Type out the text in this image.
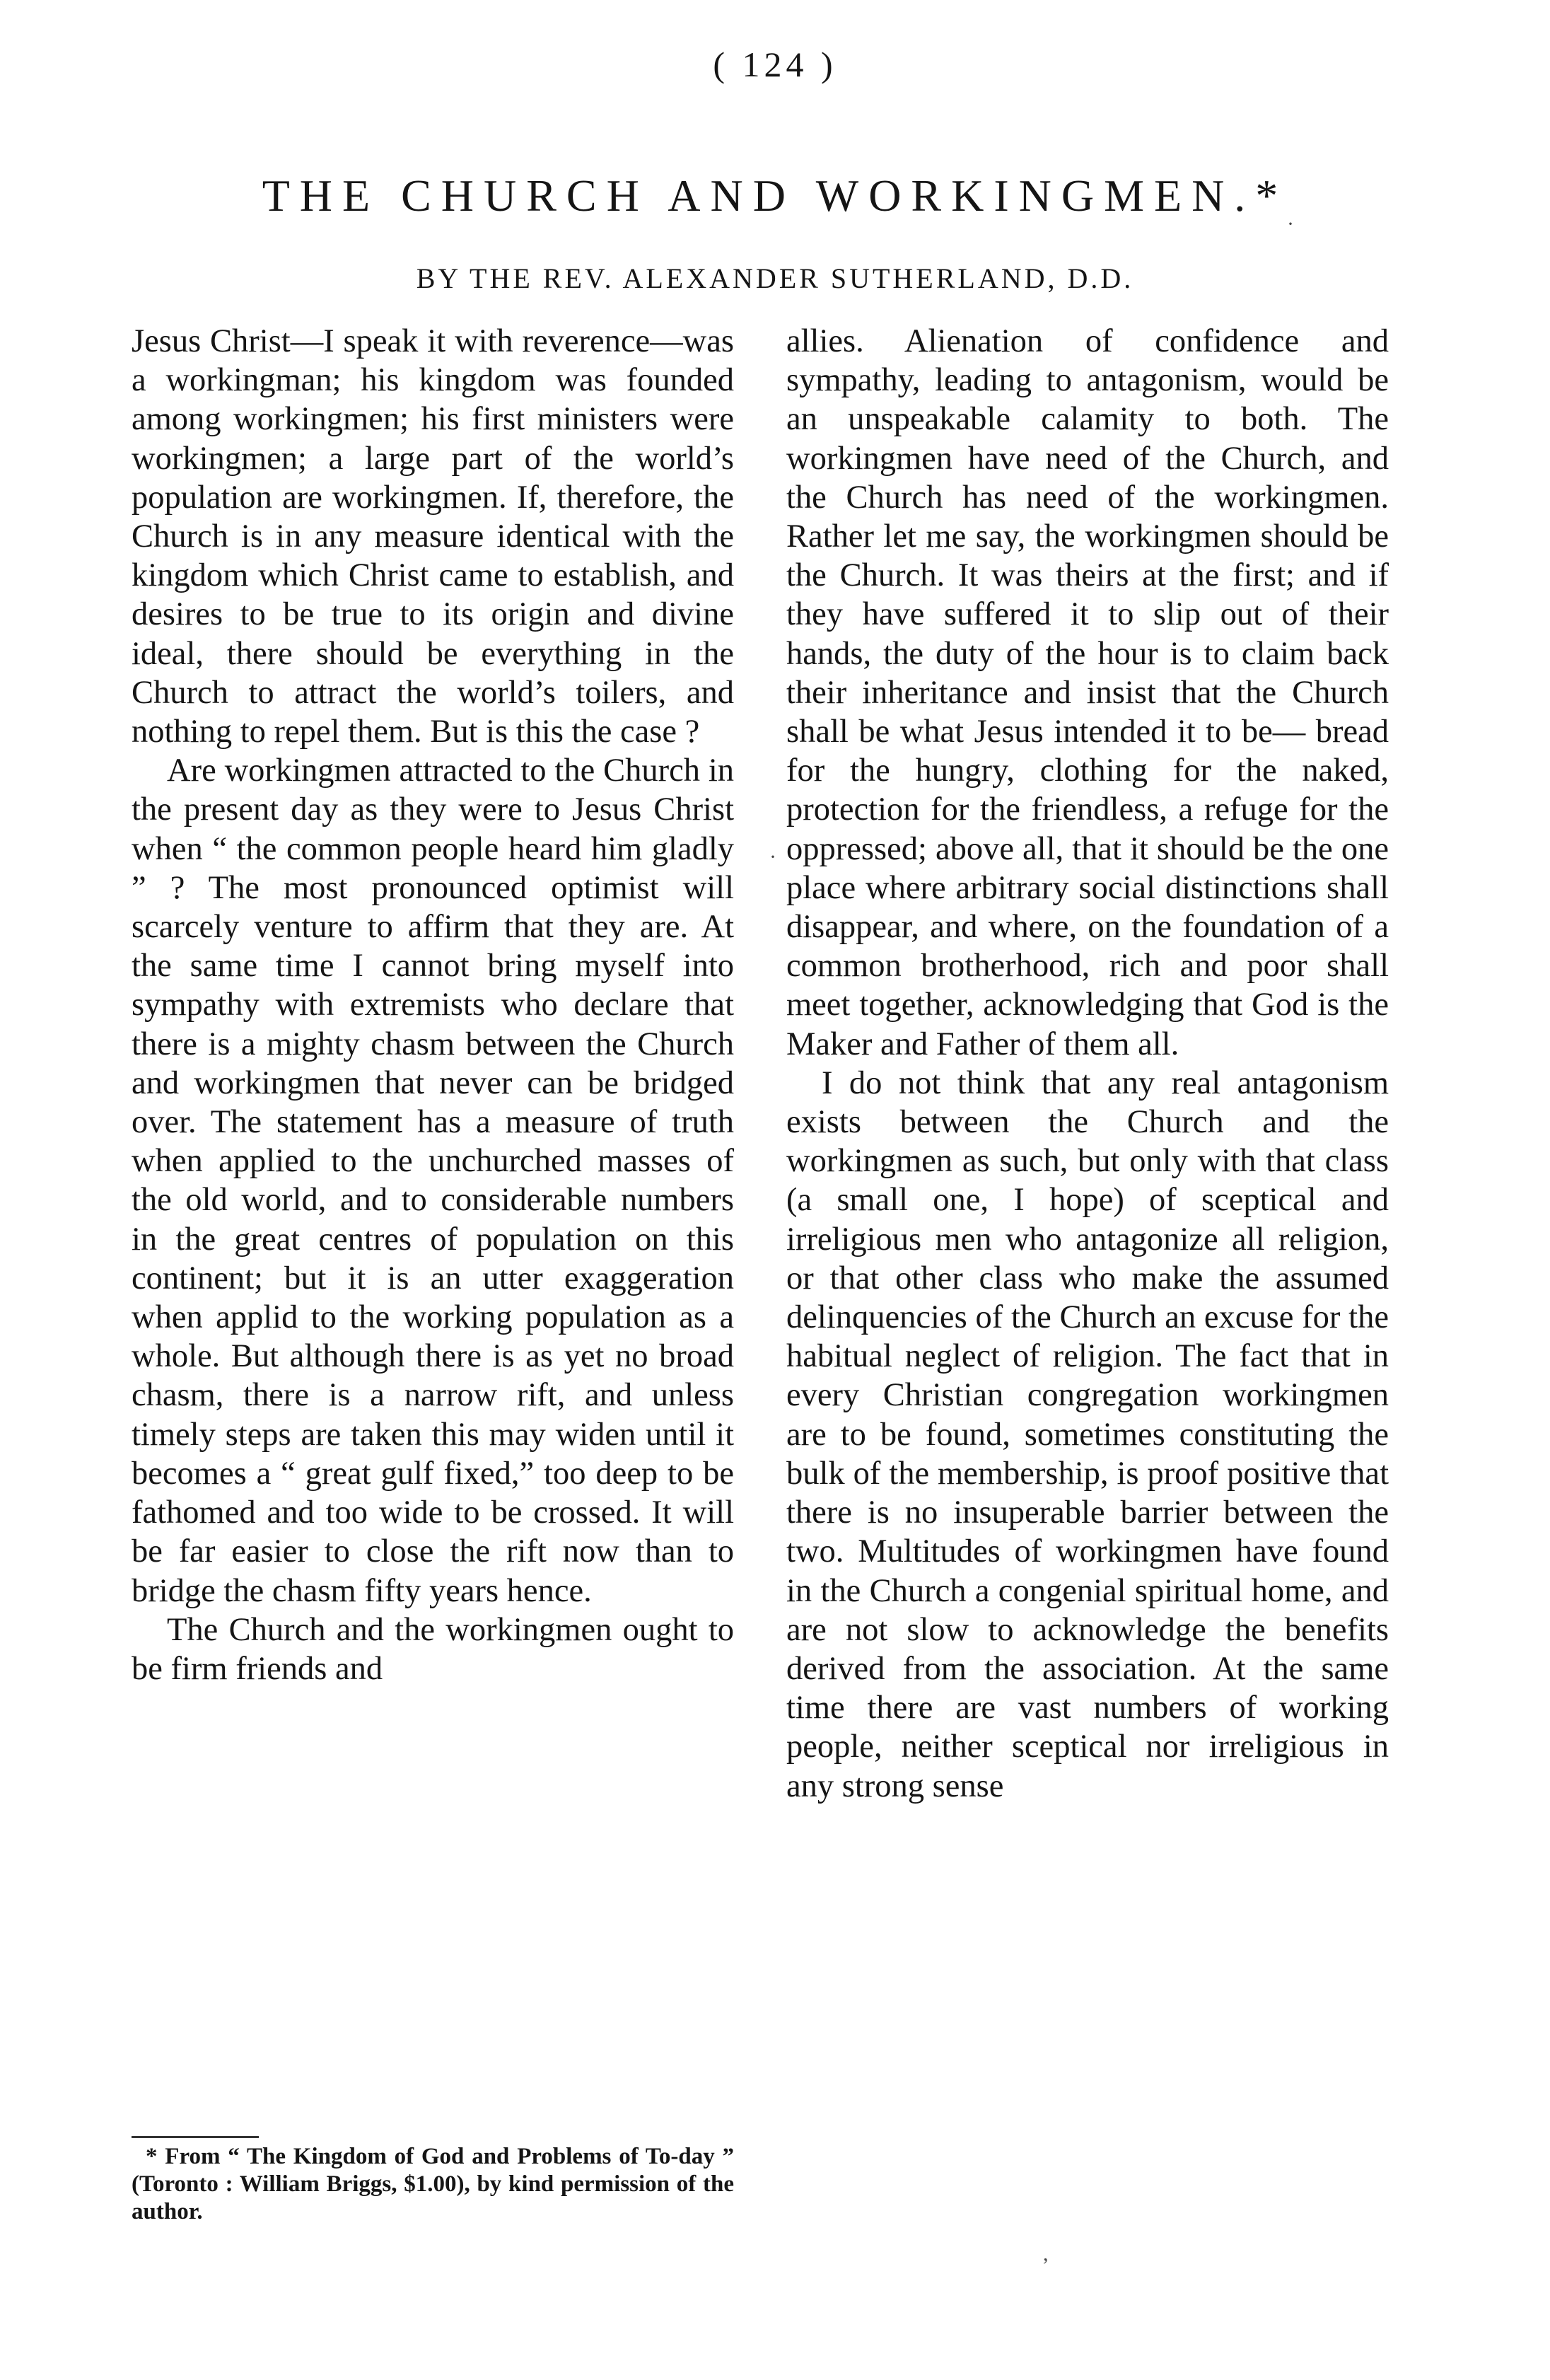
( 124 )
THE CHURCH AND WORKINGMEN.*
BY THE REV. ALEXANDER SUTHERLAND, D.D.

Jesus Christ—I speak it with reverence—was a workingman; his kingdom was founded among workingmen; his first ministers were workingmen; a large part of the world’s population are workingmen. If, therefore, the Church is in any measure identical with the kingdom which Christ came to establish, and desires to be true to its origin and divine ideal, there should be everything in the Church to attract the world’s toilers, and nothing to repel them. But is this the case ?

Are workingmen attracted to the Church in the present day as they were to Jesus Christ when “ the common people heard him gladly ” ? The most pronounced optimist will scarcely venture to affirm that they are. At the same time I cannot bring myself into sympathy with extremists who declare that there is a mighty chasm between the Church and workingmen that never can be bridged over. The statement has a measure of truth when applied to the unchurched masses of the old world, and to considerable numbers in the great centres of population on this continent; but it is an utter exaggeration when applid to the working population as a whole. But although there is as yet no broad chasm, there is a narrow rift, and unless timely steps are taken this may widen until it becomes a “ great gulf fixed,” too deep to be fathomed and too wide to be crossed. It will be far easier to close the rift now than to bridge the chasm fifty years hence.

The Church and the workingmen ought to be firm friends and

* From “ The Kingdom of God and Problems of To-day ” (Toronto : William Briggs, $1.00), by kind permission of the author.

allies. Alienation of confidence and sympathy, leading to antagonism, would be an unspeakable calamity to both. The workingmen have need of the Church, and the Church has need of the workingmen. Rather let me say, the workingmen should be the Church. It was theirs at the first; and if they have suffered it to slip out of their hands, the duty of the hour is to claim back their inheritance and insist that the Church shall be what Jesus intended it to be— bread for the hungry, clothing for the naked, protection for the friendless, a refuge for the oppressed; above all, that it should be the one place where arbitrary social distinctions shall disappear, and where, on the foundation of a common brotherhood, rich and poor shall meet together, acknowledging that God is the Maker and Father of them all.

I do not think that any real antagonism exists between the Church and the workingmen as such, but only with that class (a small one, I hope) of sceptical and irreligious men who antagonize all religion, or that other class who make the assumed delinquencies of the Church an excuse for the habitual neglect of religion. The fact that in every Christian congregation workingmen are to be found, sometimes constituting the bulk of the membership, is proof positive that there is no insuperable barrier between the two. Multitudes of workingmen have found in the Church a congenial spiritual home, and are not slow to acknowledge the benefits derived from the association. At the same time there are vast numbers of working people, neither sceptical nor irreligious in any strong sense

·
·
,
